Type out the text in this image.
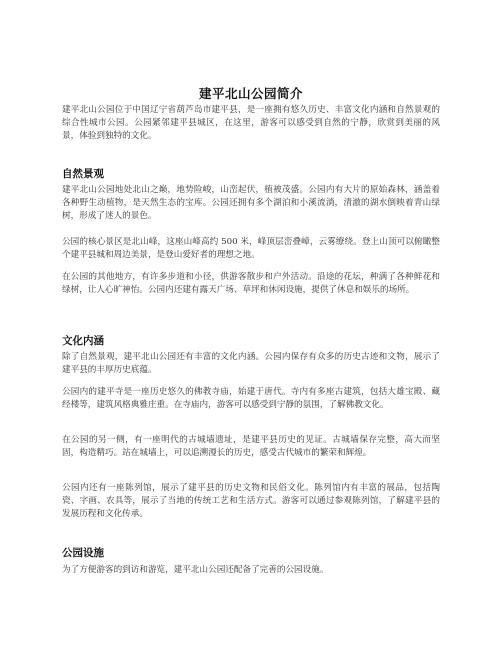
建平北山公园简介

建平北山公园位于中国辽宁省葫芦岛市建平县，是一座拥有悠久历史、丰富文化内涵和自然景观的综合性城市公园。公园紧邻建平县城区，在这里，游客可以感受到自然的宁静，欣赏到美丽的风景，体验到独特的文化。

自然景观

建平北山公园地处北山之巅，地势险峻，山峦起伏，植被茂盛。公园内有大片的原始森林，涵盖着各种野生动植物，是天然生态的宝库。公园还拥有多个湖泊和小溪流淌，清澈的湖水倒映着青山绿树，形成了迷人的景色。

公园的核心景区是北山峰，这座山峰高约 500 米，峰顶层峦叠嶂，云雾缭绕。登上山顶可以俯瞰整个建平县城和周边美景，是登山爱好者的理想之地。

在公园的其他地方，有许多步道和小径，供游客散步和户外活动。沿途的花坛，种满了各种鲜花和绿树，让人心旷神怡。公园内还建有露天广场、草坪和休闲设施，提供了休息和娱乐的场所。

文化内涵

除了自然景观，建平北山公园还有丰富的文化内涵。公园内保存有众多的历史古迹和文物，展示了建平县的丰厚历史底蕴。

公园内的建平寺是一座历史悠久的佛教寺庙，始建于唐代。寺内有多座古建筑，包括大雄宝殿、藏经楼等，建筑风格典雅庄重。在寺庙内，游客可以感受到宁静的氛围，了解佛教文化。

在公园的另一侧，有一座明代的古城墙遗址，是建平县历史的见证。古城墙保存完整，高大而坚固，构造精巧。站在城墙上，可以追溯漫长的历史，感受古代城市的繁荣和辉煌。

公园内还有一座陈列馆，展示了建平县的历史文物和民俗文化。陈列馆内有丰富的展品，包括陶瓷、字画、农具等，展示了当地的传统工艺和生活方式。游客可以通过参观陈列馆，了解建平县的发展历程和文化传承。

公园设施

为了方便游客的到访和游览，建平北山公园还配备了完善的公园设施。
